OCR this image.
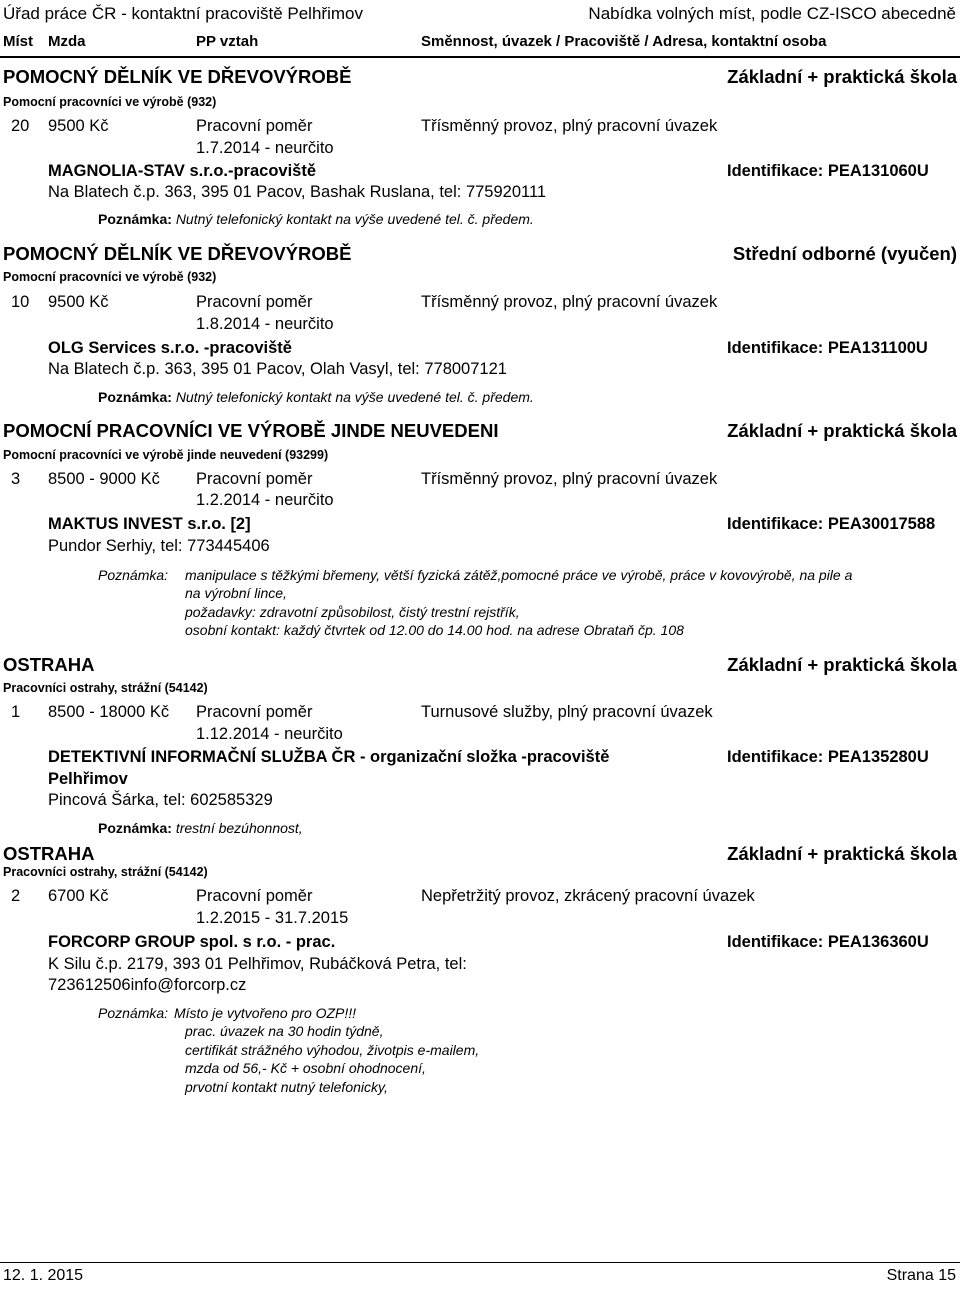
Úřad práce ČR - kontaktní pracoviště Pelhřimov	Nabídka volných míst, podle CZ-ISCO abecedně
Míst Mzda	PP vztah	Směnnost, úvazek / Pracoviště / Adresa, kontaktní osoba
POMOCNÝ DĚLNÍK VE DŘEVOVÝROBĚ	Základní + praktická škola
Pomocní pracovníci ve výrobě (932)
20 9500 Kč	Pracovní poměr	Třísměnný provoz, plný pracovní úvazek
1.7.2014 - neurčito
MAGNOLIA-STAV s.r.o.-pracoviště	Identifikace: PEA131060U
Na Blatech č.p. 363, 395 01 Pacov, Bashak Ruslana, tel: 775920111
Poznámka: Nutný telefonický kontakt na výše uvedené tel. č. předem.
POMOCNÝ DĚLNÍK VE DŘEVOVÝROBĚ	Střední odborné (vyučen)
Pomocní pracovníci ve výrobě (932)
10 9500 Kč	Pracovní poměr	Třísměnný provoz, plný pracovní úvazek
1.8.2014 - neurčito
OLG Services s.r.o. -pracoviště	Identifikace: PEA131100U
Na Blatech č.p. 363, 395 01 Pacov, Olah Vasyl, tel: 778007121
Poznámka: Nutný telefonický kontakt na výše uvedené tel. č. předem.
POMOCNÍ PRACOVNÍCI VE VÝROBĚ JINDE NEUVEDENI	Základní + praktická škola
Pomocní pracovníci ve výrobě jinde neuvedení (93299)
3 8500 - 9000 Kč Pracovní poměr	Třísměnný provoz, plný pracovní úvazek
1.2.2014 - neurčito
MAKTUS INVEST s.r.o. [2]	Identifikace: PEA30017588
Pundor Serhiy, tel: 773445406
Poznámka: manipulace s těžkými břemeny, větší fyzická zátěž,pomocné práce ve výrobě, práce v kovovýrobě, na pile a
na výrobní lince,
požadavky: zdravotní způsobilost, čistý trestní rejstřík,
osobní kontakt: každý čtvrtek od 12.00 do 14.00 hod. na adrese Obrataň čp. 108
OSTRAHA	Základní + praktická škola
Pracovníci ostrahy, strážní (54142)
1 8500 - 18000 Kč Pracovní poměr	Turnusové služby, plný pracovní úvazek
1.12.2014 - neurčito
DETEKTIVNÍ INFORMAČNÍ SLUŽBA ČR - organizační složka -pracoviště
Pelhřimov
Identifikace: PEA135280U
Pincová Šárka, tel: 602585329
Poznámka: trestní bezúhonnost,
OSTRAHA	Základní + praktická škola
Pracovníci ostrahy, strážní (54142)
2 6700 Kč	Pracovní poměr	Nepřetržitý provoz, zkrácený pracovní úvazek
1.2.2015 - 31.7.2015
FORCORP GROUP spol. s r.o. - prac.	Identifikace: PEA136360U
K Silu č.p. 2179, 393 01 Pelhřimov, Rubáčková Petra, tel:
723612506info@forcorp.cz
Poznámka: Místo je vytvořeno pro OZP!!!
prac. úvazek na 30 hodin týdně,
certifikát strážného výhodou, životpis e-mailem,
mzda od 56,- Kč + osobní ohodnocení,
prvotní kontakt nutný telefonicky,
12. 1. 2015	Strana 15
